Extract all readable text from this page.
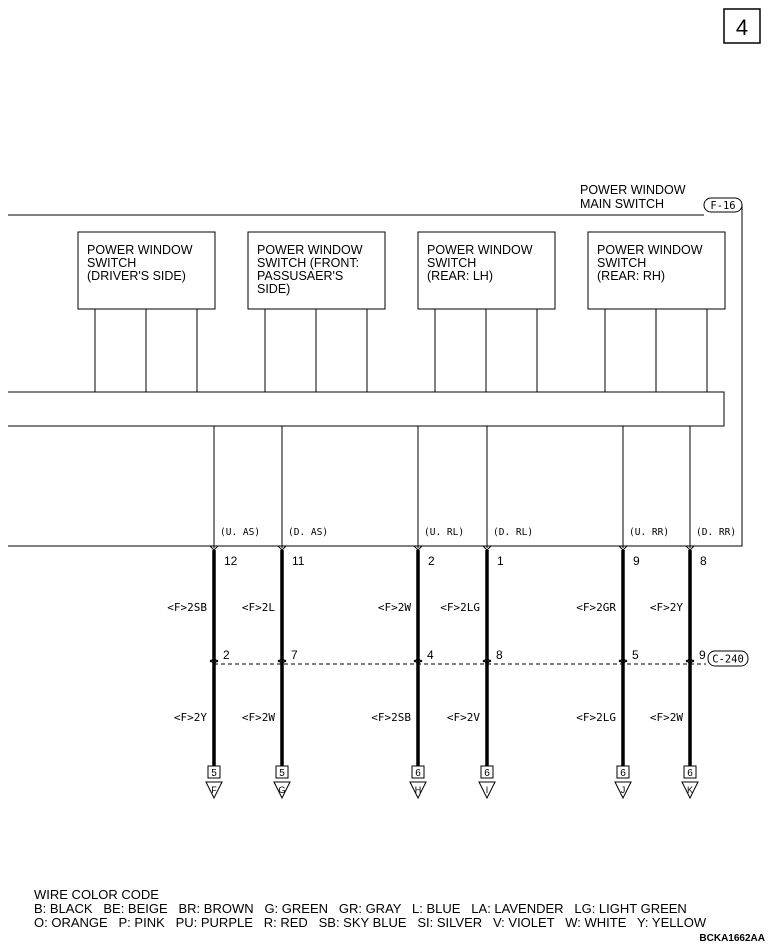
4
POWER WINDOW
MAIN SWITCH	F-16
POWER WINDOW
SWITCH
(DRIVER'S SIDE)
POWER WINDOW
SWITCH (FRONT:
PASSUSAER'S
SIDE)
POWER WINDOW
SWITCH
(REAR: LH)
POWER WINDOW
SWITCH
(REAR: RH)
(U. AS)
12
<F>2SB
2
<F>2Y
5
F
(D. AS)
11
<F>2L
7
<F>2W
5
G
(U. RL)
2
<F>2W
4
<F>2SB
6
H
(D. RL)
1
<F>2LG
8
<F>2V
6
I
(U. RR)
9
<F>2GR
5
<F>2LG
6
J
(D. RR)
8
<F>2Y
9
<F>2W
6
K
C-240
WIRE COLOR CODE
B: BLACK   BE: BEIGE   BR: BROWN   G: GREEN   GR: GRAY   L: BLUE   LA: LAVENDER   LG: LIGHT GREEN
O: ORANGE   P: PINK   PU: PURPLE   R: RED   SB: SKY BLUE   SI: SILVER   V: VIOLET   W: WHITE   Y: YELLOW
BCKA1662AA
